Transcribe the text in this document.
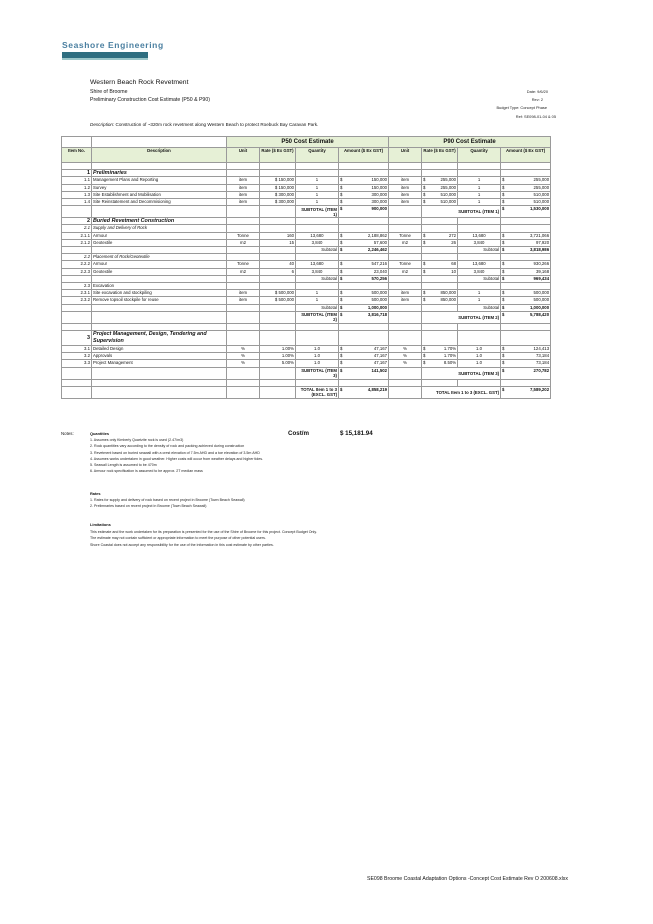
Seashore Engineering
Western Beach Rock Revetment
Shire of Broome
Preliminary Construction Cost Estimate (P50 & P90)
Date: 9/6/20
Rev: 2
Budget Type: Concept Phase
Ref: SE098-01-04 & 05
Description: Construction of ~320m rock revetment along Western Beach to protect Roebuck Bay Caravan Park.
		P50 Cost Estimate				P90 Cost Estimate			
Item No.	Description	Unit	Rate ($ Ex GST)	Quantity	Amount ($ Ex GST)	Unit	Rate ($ Ex GST)	Quantity	Amount ($ Ex GST)

1	Preliminaries								
1.1	Management Plans and Reporting	item	$ 150,000	1	$ 150,000	item	$ 255,000	1	$ 255,000
1.2	Survey	item	$ 150,000	1	$ 150,000	item	$ 255,000	1	$ 255,000
1.3	Site Establishment and Mobilisation	item	$ 300,000	1	$ 300,000	item	$ 510,000	1	$ 510,000
1.4	Site Reinstatement and Decommisioning	item	$ 300,000	1	$ 300,000	item	$ 510,000	1	$ 510,000
				SUBTOTAL (ITEM 1)	$ 900,000		SUBTOTAL (ITEM 1)		$ 1,530,000
2	Buried Revetment Construction								
2.1	Supply and Delivery of Rock								
2.1.1	Armour	Tonne	160	13,680	$ 2,188,862	Tonne	$ 272	13,680	$ 3,721,066
2.1.2	Geotextile	m2	15	3,840	$ 57,600	m2	$ 26	3,840	$ 97,920
				Subtotal	$ 2,246,462			Subtotal	$ 3,818,986
2.2	Placement of Rock/Geotextile								
2.2.2	Armour	Tonne	40	13,680	$ 547,216	Tonne	$ 68	13,680	$ 930,266
2.2.3	Geotextile	m2	6	3,840	$ 23,040	m2	$ 10	3,840	$ 39,168
				Subtotal	$ 570,256			Subtotal	$ 969,434
2.3	Excavation								
2.3.1	Site excavation and stockpiling	item	$ 500,000	1	$ 500,000	item	$ 850,000	1	$ 500,000
2.3.2	Remove topsoil stockpile for reuse	item	$ 500,000	1	$ 500,000	item	$ 850,000	1	$ 500,000
				Subtotal	$ 1,000,000			Subtotal	$ 1,000,000
				SUBTOTAL (ITEM 2)	$ 3,816,718		SUBTOTAL (ITEM 2)		$ 5,788,420

3	Project Management, Design, Tendering and Supervision								
3.1	Detailed Design	%	1.00%	1.0	$ 47,167	%	$ 1.70%	1.0	$ 124,413
3.2	Approvals	%	1.00%	1.0	$ 47,167	%	$ 1.70%	1.0	$ 73,184
3.3	Project Management	%	5.00%	1.0	$ 47,167	%	$ 8.50%	1.0	$ 73,184
				SUBTOTAL (ITEM 3)	$ 141,502		SUBTOTAL (ITEM 3)		$ 270,782

				TOTAL Item 1 to 3 (EXCL. GST)	$ 4,858,219		TOTAL Item 1 to 3 (EXCL. GST)		$ 7,589,202
Notes:	Cost/m	$ 15,181.94
Quantities
1. Assumes only Kimberly Quartzite rock is used (2.47/m3)
2. Rock quantities vary according to the density of rock and packing achieved during construction
3. Revetment based on buried seawall with a crest elevation of 7.5m AHD and a toe elevation of 3.5m AHD
4. Assumes works undertaken in good weather. Higher costs will occur from weather delays and higher tides.
5. Seawall Length is assumed to be 470m
6. Armour rock specification is assumed to be approx. 2T median mass
Rates
1. Rates for supply and delivery of rock based on recent project in Broome (Town Beach Seawall)
2. Prelimnaries based on recent project in Broome (Town Beach Seawall)
Limitations
This estimate and the work undertaken for its preparation is presented for the use of the Shire of Broome for this project. Concept Budget Only.
The estimate may not contain sufficient or appropriate information to meet the purpose of other potential users.
Shore Coastal does not accept any responsibility for the use of the information in this cost estimate by other parties.
SE098 Broome Coastal Adaptation Options -Concept Cost Estimate Rev O 200608.xlsx
